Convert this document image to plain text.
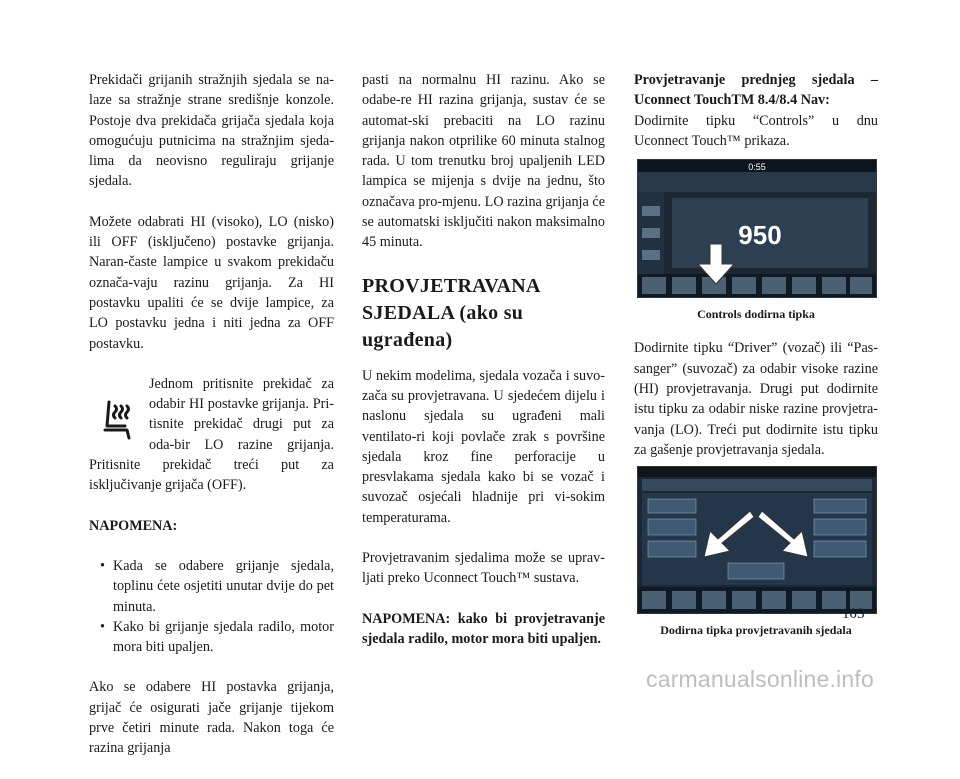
Prekidači grijanih stražnjih sjedala se na-laze sa stražnje strane središnje konzole. Postoje dva prekidača grijača sjedala koja omogućuju putnicima na stražnjim sjeda-lima da neovisno reguliraju grijanje sjedala.

Možete odabrati HI (visoko), LO (nisko) ili OFF (isključeno) postavke grijanja. Naran-časte lampice u svakom prekidaču označa-vaju razinu grijanja. Za HI postavku upaliti će se dvije lampice, za LO postavku jedna i niti jedna za OFF postavku.

Jednom pritisnite prekidač za odabir HI postavke grijanja. Pri-tisnite prekidač drugi put za oda-bir LO razine grijanja. Pritisnite prekidač treći put za isključivanje grijača (OFF).

NAPOMENA:

• Kada se odabere grijanje sjedala, toplinu ćete osjetiti unutar dvije do pet minuta.
• Kako bi grijanje sjedala radilo, motor mora biti upaljen.

Ako se odabere HI postavka grijanja, grijač će osigurati jače grijanje tijekom prve četiri minute rada. Nakon toga će razina grijanja

pasti na normalnu HI razinu. Ako se odabe-re HI razina grijanja, sustav će se automat-ski prebaciti na LO razinu grijanja nakon otprilike 60 minuta stalnog rada. U tom trenutku broj upaljenih LED lampica se mijenja s dvije na jednu, što označava pro-mjenu. LO razina grijanja će se automatski isključiti nakon maksimalno 45 minuta.

PROVJETRAVANA SJEDALA (ako su ugrađena)

U nekim modelima, sjedala vozača i suvo-zača su provjetravana. U sjedećem dijelu i naslonu sjedala su ugrađeni mali ventilato-ri koji povlače zrak s površine sjedala kroz fine perforacije u presvlakama sjedala kako bi se vozač i suvozač osjećali hladnije pri vi-sokim temperaturama.

Provjetravanim sjedalima može se uprav-ljati preko Uconnect Touch™ sustava.

NAPOMENA: kako bi provjetravanje sjedala radilo, motor mora biti upaljen.

Provjetravanje prednjeg sjedala – Uconnect TouchTM 8.4/8.4 Nav:

Dodirnite tipku “Controls” u dnu Uconnect Touch™ prikaza.

0:55
950
Controls dodirna tipka

Dodirnite tipku “Driver” (vozač) ili “Pas-sanger” (suvozač) za odabir visoke razine (HI) provjetravanja. Drugi put dodirnite istu tipku za odabir niske razine provjetra-vanja (LO). Treći put dodirnite istu tipku za gašenje provjetravanja sjedala.

Dodirna tipka provjetravanih sjedala
103
carmanualsonline.info
